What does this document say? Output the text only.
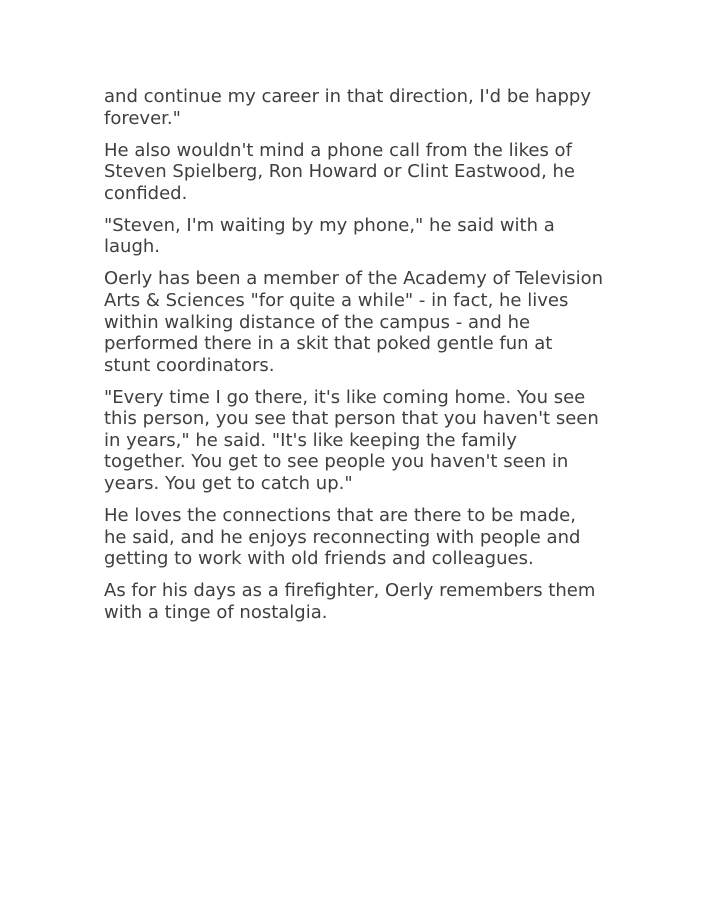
and continue my career in that direction, I'd be happy forever."

He also wouldn't mind a phone call from the likes of Steven Spielberg, Ron Howard or Clint Eastwood, he confided.

"Steven, I'm waiting by my phone," he said with a laugh.

Oerly has been a member of the Academy of Television Arts & Sciences "for quite a while" - in fact, he lives within walking distance of the campus - and he performed there in a skit that poked gentle fun at stunt coordinators.

"Every time I go there, it's like coming home. You see this person, you see that person that you haven't seen in years," he said. "It's like keeping the family together. You get to see people you haven't seen in years. You get to catch up."

He loves the connections that are there to be made, he said, and he enjoys reconnecting with people and getting to work with old friends and colleagues.

As for his days as a firefighter, Oerly remembers them with a tinge of nostalgia.
